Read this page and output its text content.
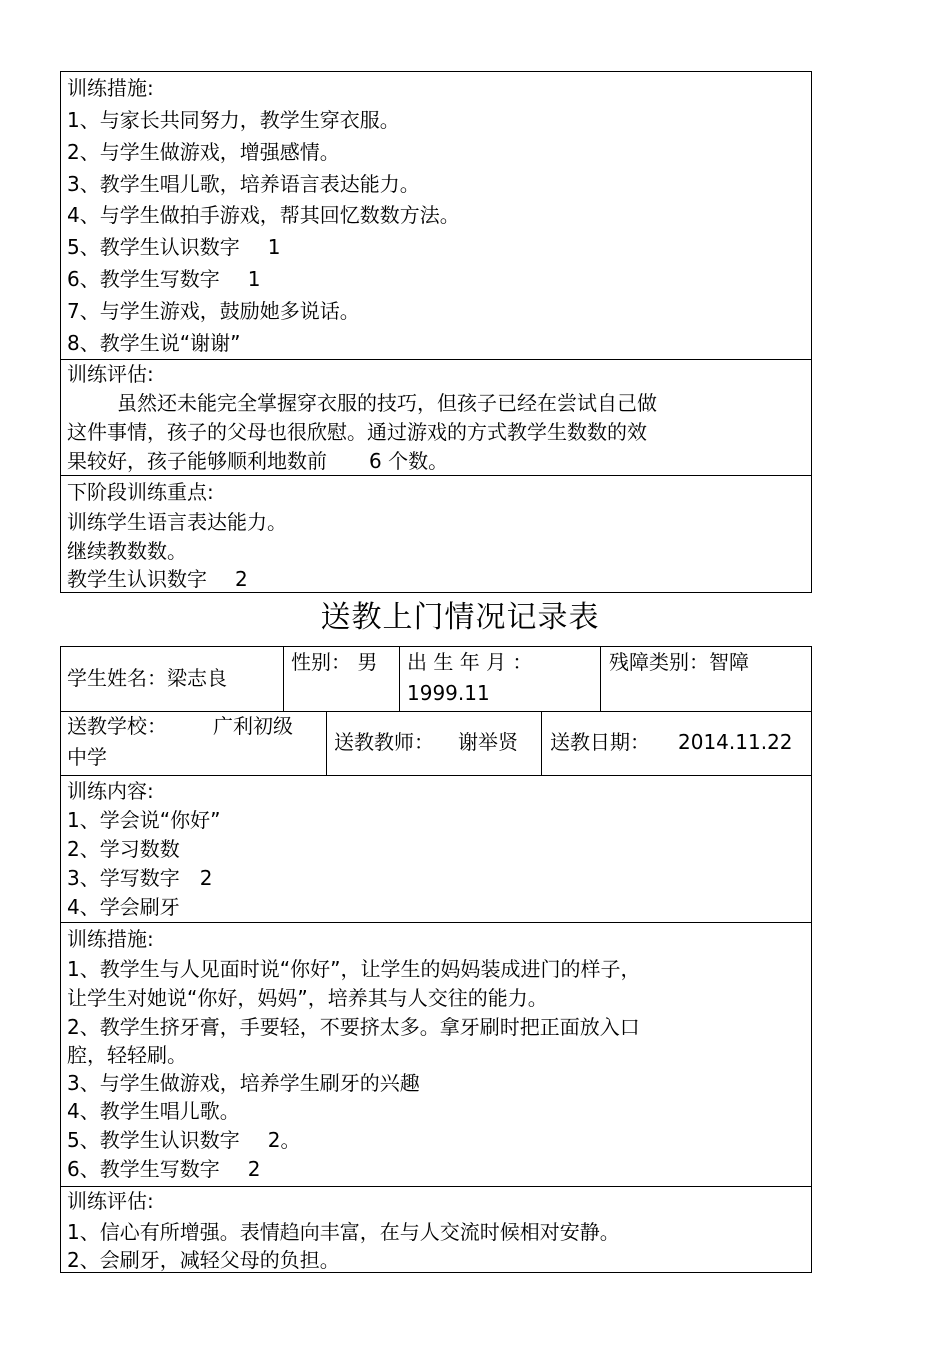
训练措施:
1、与家长共同努力，教学生穿衣服。
2、与学生做游戏，增强感情。
3、教学生唱儿歌，培养语言表达能力。
4、与学生做拍手游戏，帮其回忆数数方法。
5、教学生认识数字 1
6、教学生写数字 1
7、与学生游戏，鼓励她多说话。
8、教学生说“谢谢”
训练评估:
虽然还未能完全掌握穿衣服的技巧，但孩子已经在尝试自己做
这件事情，孩子的父母也很欣慰。通过游戏的方式教学生数数的效
果较好，孩子能够顺利地数前 6 个数。
下阶段训练重点:
训练学生语言表达能力。
继续教数数。
教学生认识数字 2
送教上门情况记录表
学生姓名：梁志良
性别： 男 出 生 年 月 ：
1999.11
残障类别：智障
送教学校： 广利初级
中学
送教教师： 谢举贤 送教日期： 2014.11.22
训练内容:
1、学会说“你好”
2、学习数数
3、学写数字 2
4、学会刷牙
训练措施:
1、教学生与人见面时说“你好”，让学生的妈妈装成进门的样子，
让学生对她说“你好，妈妈”，培养其与人交往的能力。
2、教学生挤牙膏，手要轻，不要挤太多。拿牙刷时把正面放入口
腔，轻轻刷。
3、与学生做游戏，培养学生刷牙的兴趣
4、教学生唱儿歌。
5、教学生认识数字 2。
6、教学生写数字 2
训练评估:
1、信心有所增强。表情趋向丰富，在与人交流时候相对安静。
2、会刷牙，减轻父母的负担。
